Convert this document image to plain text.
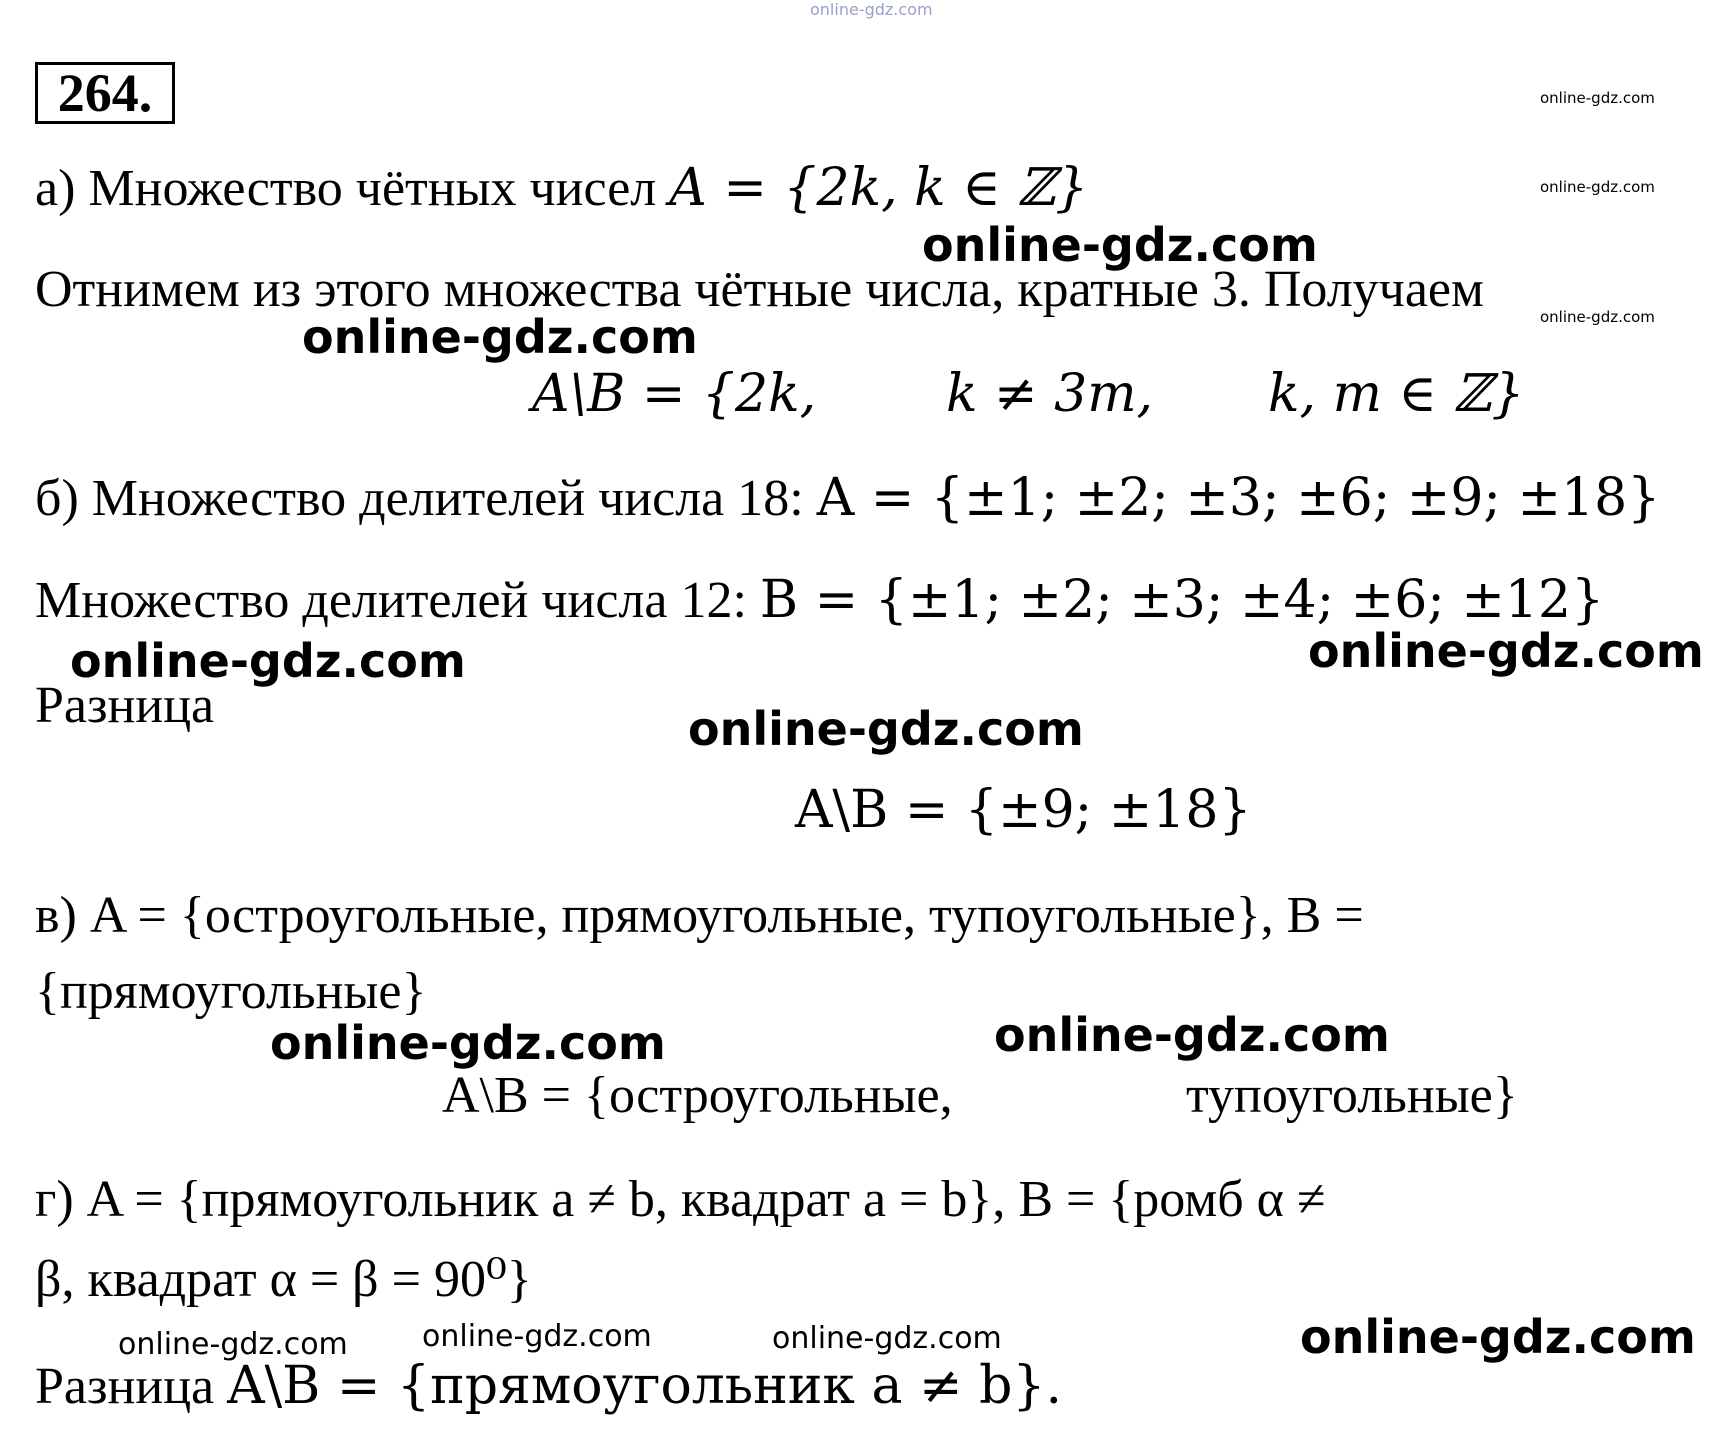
online-gdz.com
264.	online-gdz.com
online-gdz.com
online-gdz.com
а) Множество чётных чисел A = {2k, k ∈ ℤ}
online-gdz.com
Отнимем из этого множества чётные числа, кратные 3. Получаем
online-gdz.com
A\B = {2k, k ≠ 3m, k, m ∈ ℤ}
б) Множество делителей числа 18: A = {±1; ±2; ±3; ±6; ±9; ±18}
Множество делителей числа 12: B = {±1; ±2; ±3; ±4; ±6; ±12}
online-gdz.com
online-gdz.com
Разница	online-gdz.com
A\B = {±9; ±18}
в) A = {остроугольные, прямоугольные, тупоугольные}, B =
{прямоугольные}
online-gdz.com
online-gdz.com
A\B = {остроугольные,	тупоугольные}
г) A = {прямоугольник a ≠ b, квадрат a = b}, B = {ромб α ≠
β, квадрат α = β = 90⁰}
online-gdz.com online-gdz.com	online-gdz.com	online-gdz.com
Разница A\B = {прямоугольник a ≠ b}.
